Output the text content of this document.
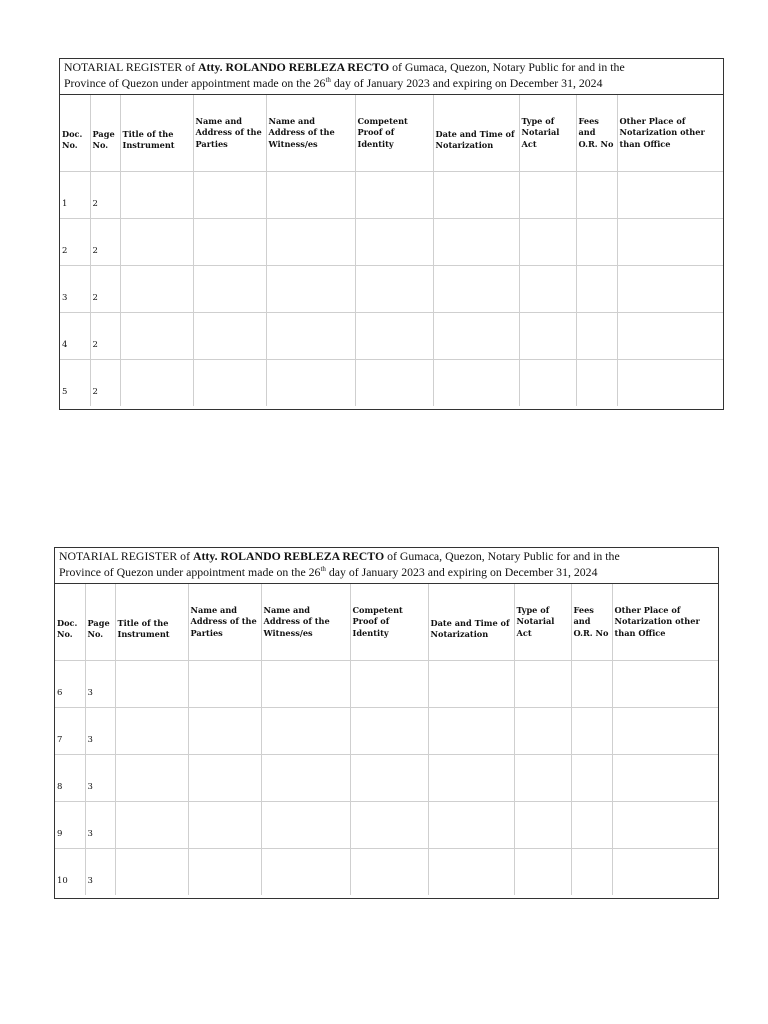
NOTARIAL REGISTER of Atty. ROLANDO REBLEZA RECTO of Gumaca, Quezon, Notary Public for and in the
Province of Quezon under appointment made on the 26th day of January 2023 and expiring on December 31, 2024
Doc. No.	Page No.	Title of the Instrument	Name and Address of the Parties	Name and Address of the Witness/es	Competent Proof of Identity	Date and Time of Notarization	Type of Notarial Act	Fees and O.R. No	Other Place of Notarization other than Office

1	2								

2	2								

3	2								

4	2								

5	2								

NOTARIAL REGISTER of Atty. ROLANDO REBLEZA RECTO of Gumaca, Quezon, Notary Public for and in the
Province of Quezon under appointment made on the 26th day of January 2023 and expiring on December 31, 2024
Doc. No.	Page No.	Title of the Instrument	Name and Address of the Parties	Name and Address of the Witness/es	Competent Proof of Identity	Date and Time of Notarization	Type of Notarial Act	Fees and O.R. No	Other Place of Notarization other than Office

6	3								

7	3								

8	3								

9	3								

10	3								
